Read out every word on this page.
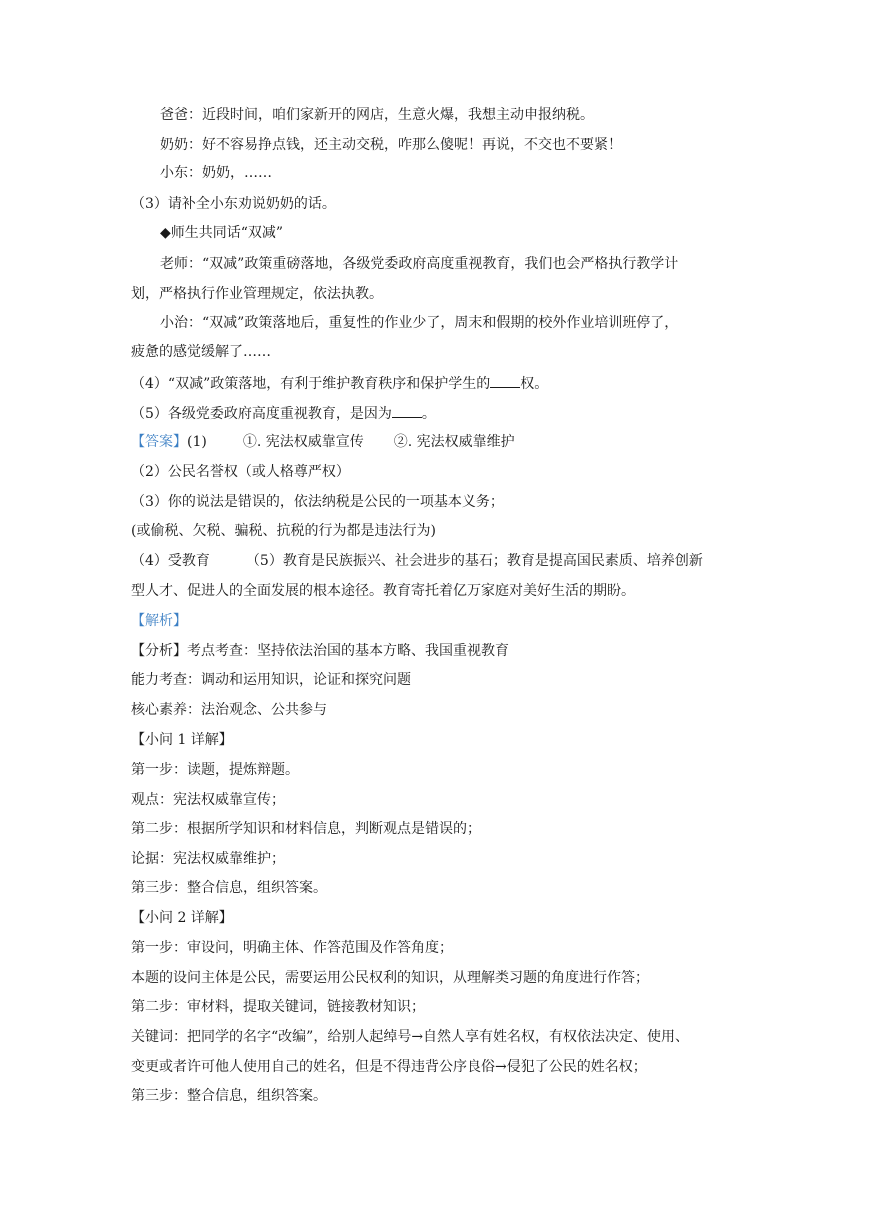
爸爸：近段时间，咱们家新开的网店，生意火爆，我想主动申报纳税。
奶奶：好不容易挣点钱，还主动交税，咋那么傻呢！再说，不交也不要紧！
小东：奶奶，……
（3）请补全小东劝说奶奶的话。
◆师生共同话“双减”
老师：“双减”政策重磅落地，各级党委政府高度重视教育，我们也会严格执行教学计
划，严格执行作业管理规定，依法执教。
小治：“双减”政策落地后，重复性的作业少了，周末和假期的校外作业培训班停了，
疲惫的感觉缓解了……
（4）“双减”政策落地，有利于维护教育秩序和保护学生的 权。
（5）各级党委政府高度重视教育，是因为 。
【答案】(1)	①. 宪法权威靠宣传 ②. 宪法权威靠维护
（2）公民名誉权（或人格尊严权）
（3）你的说法是错误的，依法纳税是公民的一项基本义务；
(或偷税、欠税、骗税、抗税的行为都是违法行为)
（4）受教育	（5）教育是民族振兴、社会进步的基石；教育是提高国民素质、培养创新
型人才、促进人的全面发展的根本途径。教育寄托着亿万家庭对美好生活的期盼。
【解析】
【分析】考点考查：坚持依法治国的基本方略、我国重视教育
能力考查：调动和运用知识，论证和探究问题
核心素养：法治观念、公共参与
【小问 1 详解】
第一步：读题，提炼辩题。
观点：宪法权威靠宣传；
第二步：根据所学知识和材料信息，判断观点是错误的；
论据：宪法权威靠维护；
第三步：整合信息，组织答案。
【小问 2 详解】
第一步：审设问，明确主体、作答范围及作答角度；
本题的设问主体是公民，需要运用公民权利的知识，从理解类习题的角度进行作答；
第二步：审材料，提取关键词，链接教材知识；
关键词：把同学的名字“改编”，给别人起绰号→自然人享有姓名权，有权依法决定、使用、
变更或者许可他人使用自己的姓名，但是不得违背公序良俗→侵犯了公民的姓名权；
第三步：整合信息，组织答案。
